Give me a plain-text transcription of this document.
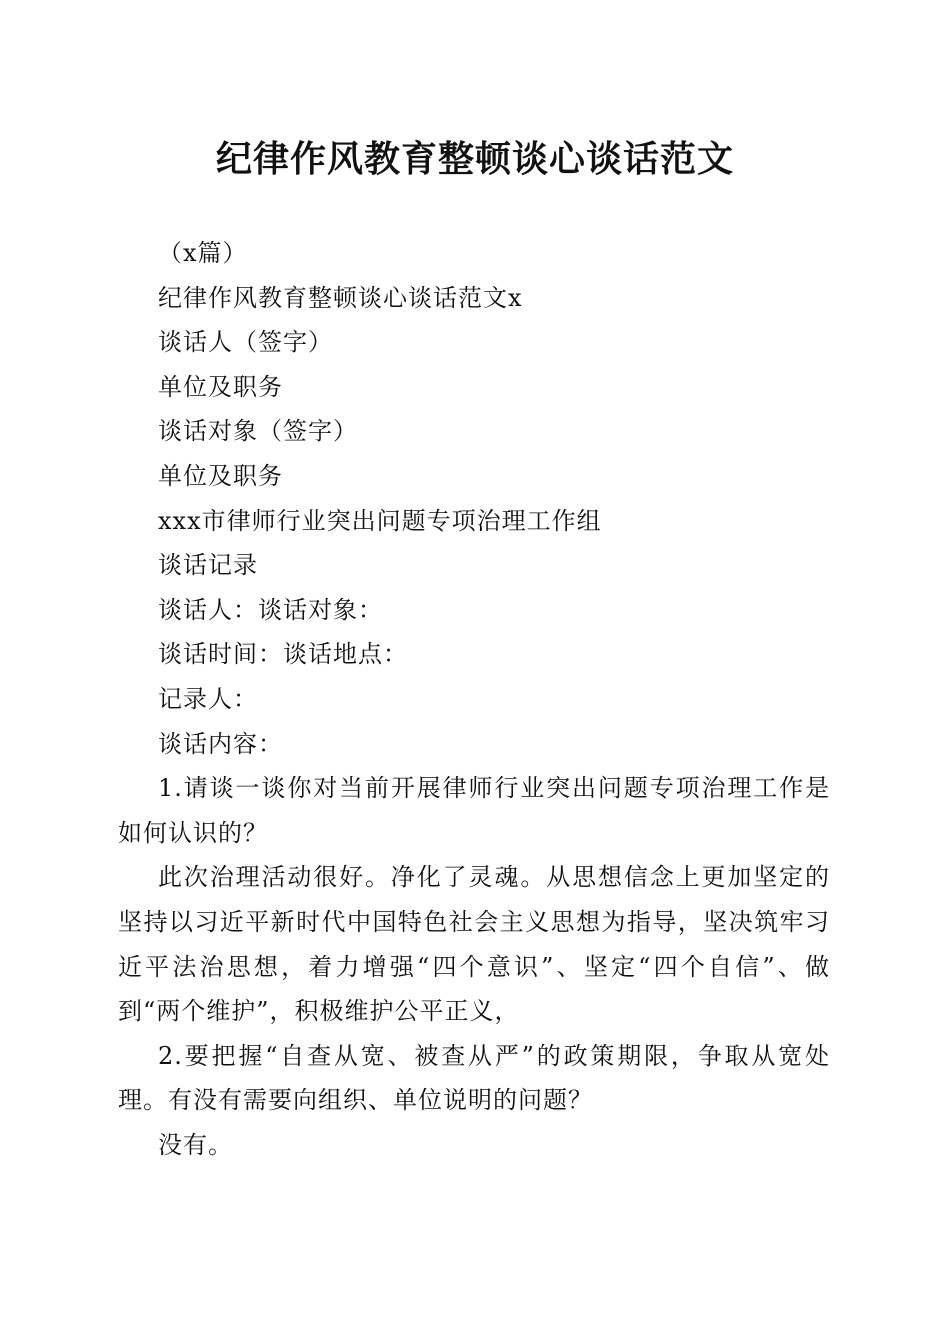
纪律作风教育整顿谈心谈话范文

（x篇）

纪律作风教育整顿谈心谈话范文x

谈话人（签字）

单位及职务

谈话对象（签字）

单位及职务

xxx市律师行业突出问题专项治理工作组

谈话记录

谈话人：谈话对象：

谈话时间：谈话地点：

记录人：

谈话内容：

1.请谈一谈你对当前开展律师行业突出问题专项治理工作是如何认识的？

此次治理活动很好。净化了灵魂。从思想信念上更加坚定的坚持以习近平新时代中国特色社会主义思想为指导，坚决筑牢习近平法治思想，着力增强“四个意识”、坚定“四个自信”、做到“两个维护”，积极维护公平正义，

2.要把握“自查从宽、被查从严”的政策期限，争取从宽处理。有没有需要向组织、单位说明的问题？

没有。
